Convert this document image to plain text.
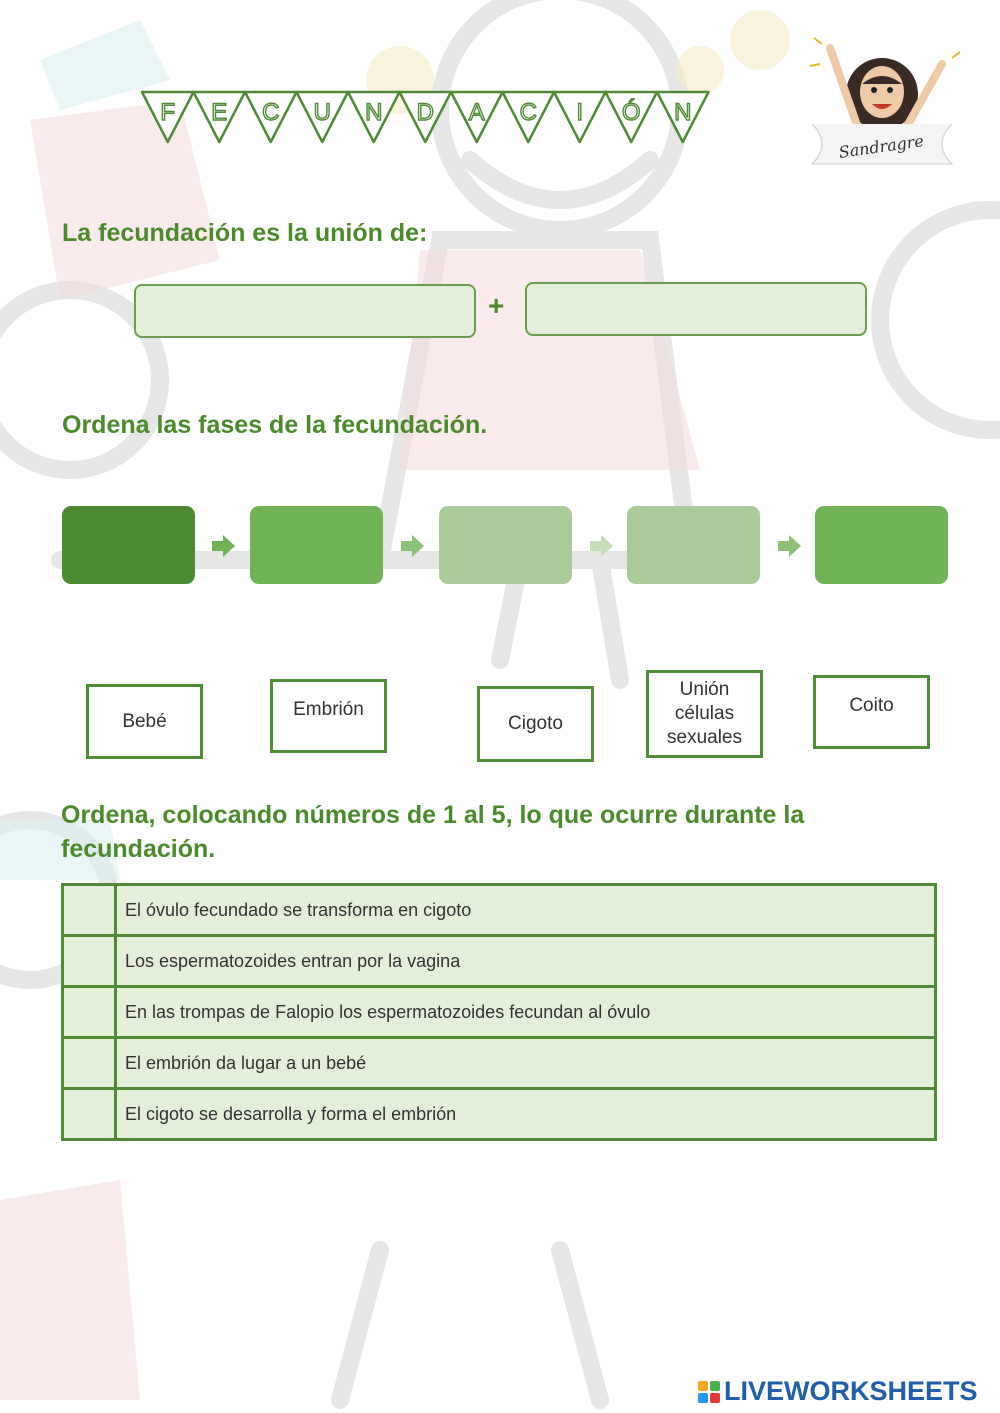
F E C U N D A C I Ó N
Sandragre
La fecundación es la unión de:
+
Ordena las fases de la fecundación.
Bebé
Embrión
Cigoto
Unión
células
sexuales
Coito
Ordena, colocando números de 1 al 5, lo que ocurre durante la
fecundación.
	El óvulo fecundado se transforma en cigoto
	Los espermatozoides entran por la vagina
	En las trompas de Falopio los espermatozoides fecundan al óvulo
	El embrión da lugar a un bebé
	El cigoto se desarrolla y forma el embrión
LIVEWORKSHEETS
